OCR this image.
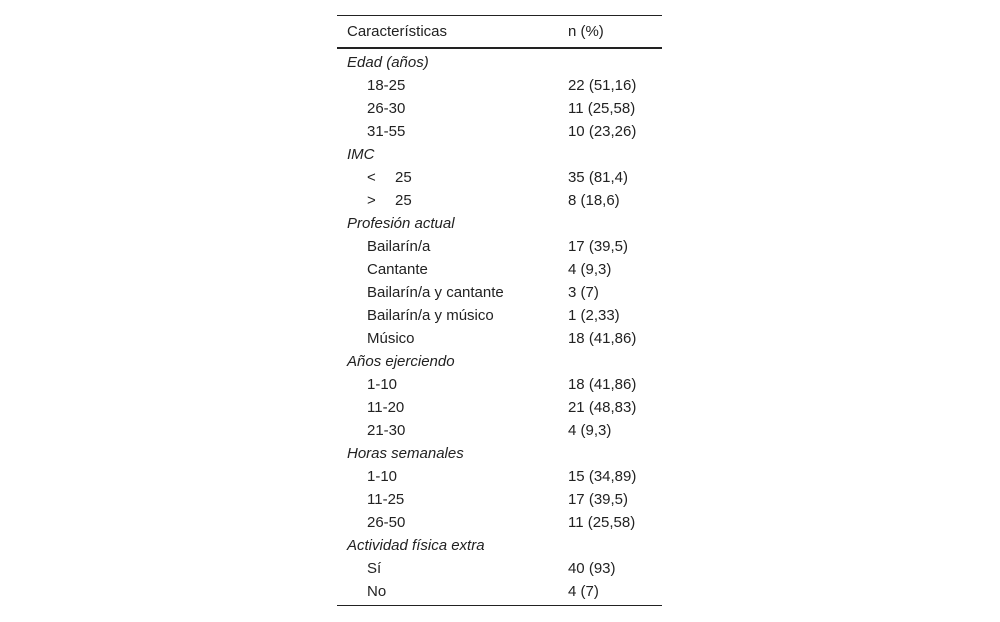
Características	n (%)
Edad (años)	
18-25	22 (51,16)
26-30	11 (25,58)
31-55	10 (23,26)
IMC	
< 25	35 (81,4)
> 25	8 (18,6)
Profesión actual	
Bailarín/a	17 (39,5)
Cantante	4 (9,3)
Bailarín/a y cantante	3 (7)
Bailarín/a y músico	1 (2,33)
Músico	18 (41,86)
Años ejerciendo	
1-10	18 (41,86)
11-20	21 (48,83)
21-30	4 (9,3)
Horas semanales	
1-10	15 (34,89)
11-25	17 (39,5)
26-50	11 (25,58)
Actividad física extra	
Sí	40 (93)
No	4 (7)
